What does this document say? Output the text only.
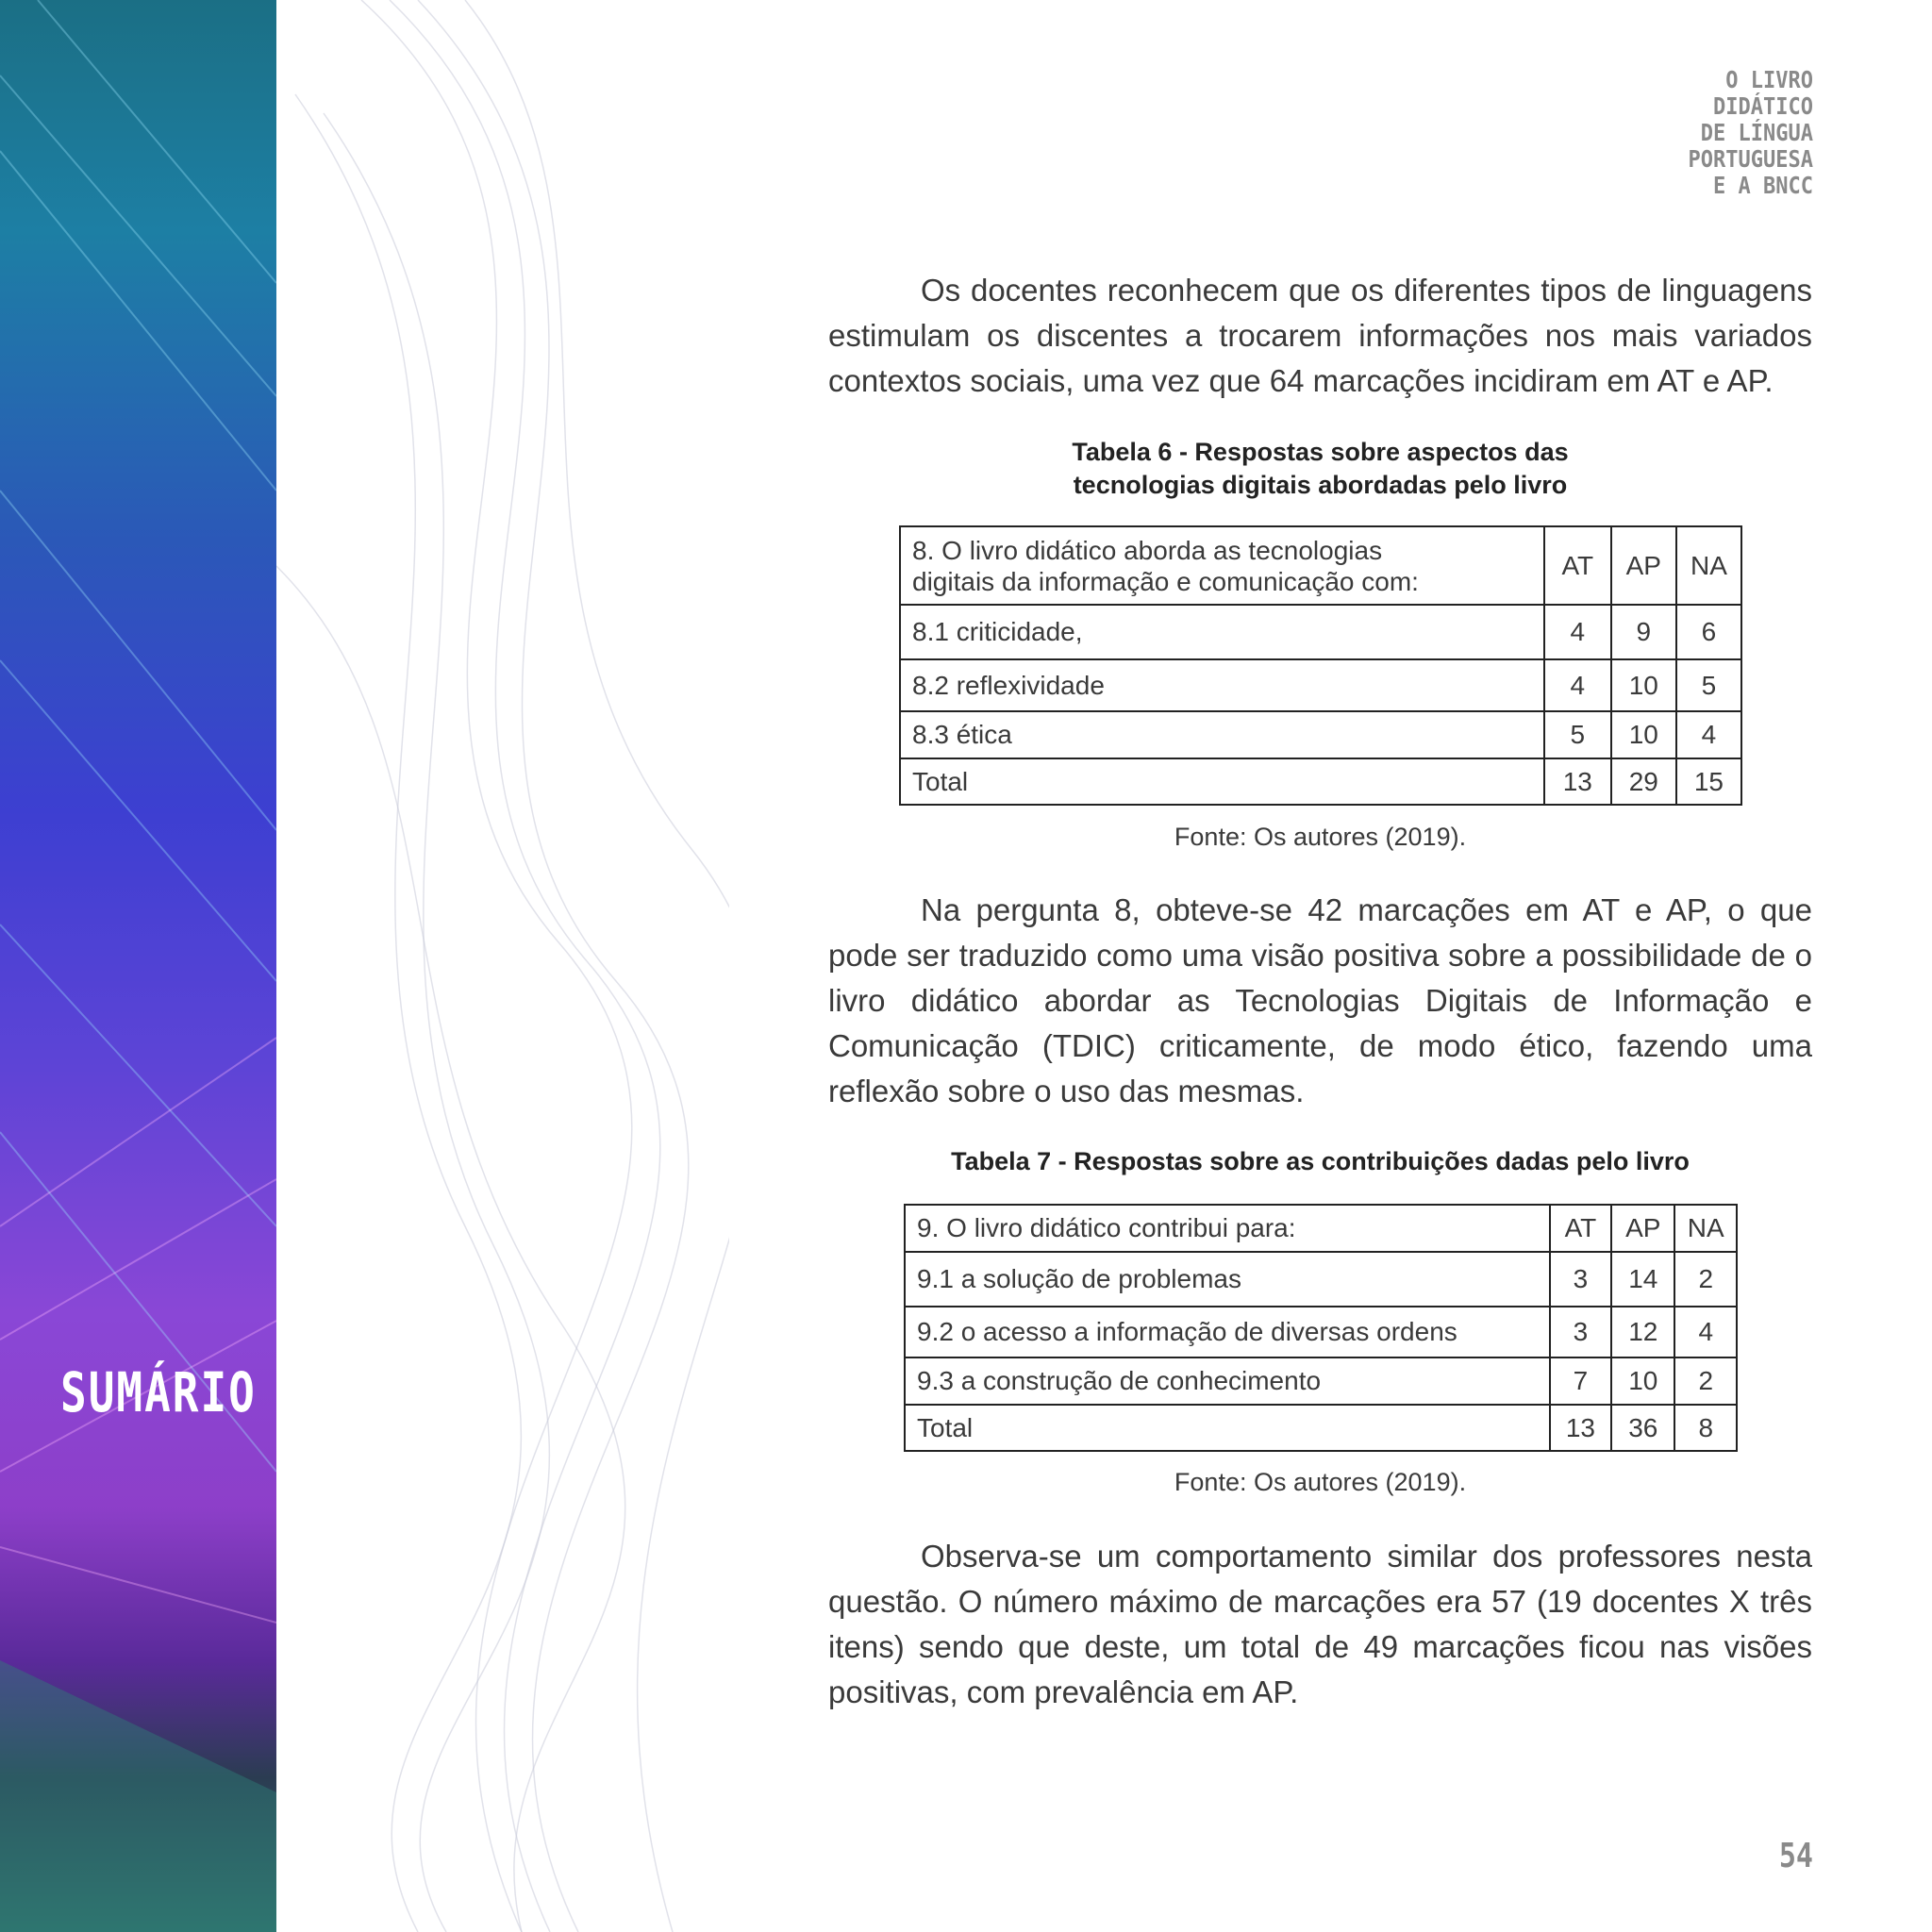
SUMÁRIO
O LIVRO
DIDÁTICO
DE LÍNGUA
PORTUGUESA
E A BNCC

Os docentes reconhecem que os diferentes tipos de linguagens estimulam os discentes a trocarem informações nos mais variados contextos sociais, uma vez que 64 marcações incidiram em AT e AP.

Tabela 6 - Respostas sobre aspectos das
tecnologias digitais abordadas pelo livro
8. O livro didático aborda as tecnologias
digitais da informação e comunicação com:	AT	AP	NA
8.1 criticidade,	4	9	6
8.2 reflexividade	4	10	5
8.3 ética	5	10	4
Total	13	29	15
Fonte: Os autores (2019).

Na pergunta 8, obteve-se 42 marcações em AT e AP, o que pode ser traduzido como uma visão positiva sobre a possibilidade de o livro didático abordar as Tecnologias Digitais de Informação e Comunicação (TDIC) criticamente, de modo ético, fazendo uma reflexão sobre o uso das mesmas.

Tabela 7 - Respostas sobre as contribuições dadas pelo livro
9. O livro didático contribui para:	AT	AP	NA
9.1 a solução de problemas	3	14	2
9.2 o acesso a informação de diversas ordens	3	12	4
9.3 a construção de conhecimento	7	10	2
Total	13	36	8
Fonte: Os autores (2019).

Observa-se um comportamento similar dos professores nesta questão. O número máximo de marcações era 57 (19 docentes X três itens) sendo que deste, um total de 49 marcações ficou nas visões positivas, com prevalência em AP.

54
